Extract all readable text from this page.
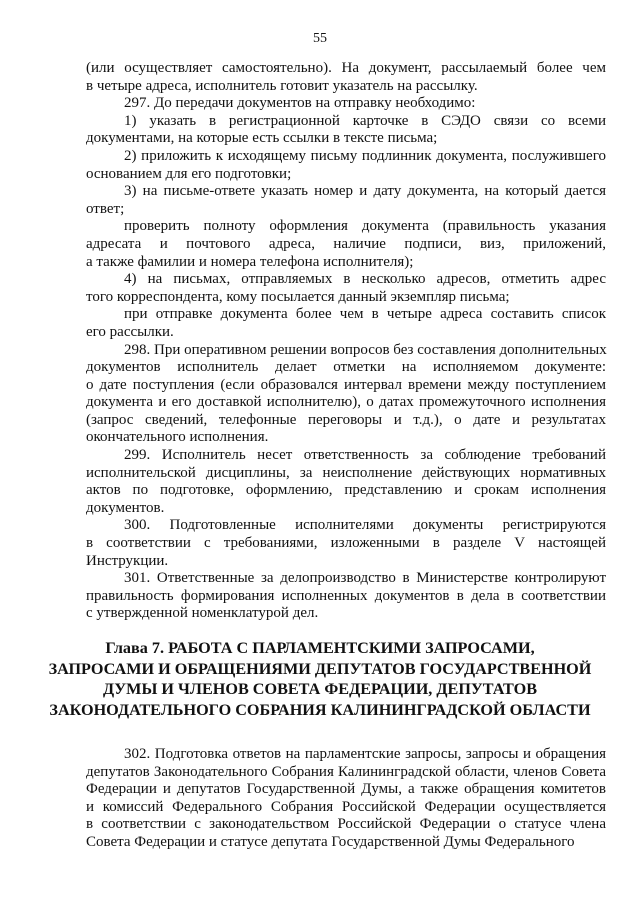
55

(или осуществляет самостоятельно). На документ, рассылаемый более чем
в четыре адреса, исполнитель готовит указатель на рассылку.

297. До передачи документов на отправку необходимо:

1) указать в регистрационной карточке в СЭДО связи со всеми
документами, на которые есть ссылки в тексте письма;

2) приложить к исходящему письму подлинник документа, послужившего
основанием для его подготовки;

3) на письме-ответе указать номер и дату документа, на который дается
ответ;

проверить полноту оформления документа (правильность указания
адресата и почтового адреса, наличие подписи, виз, приложений,
а также фамилии и номера телефона исполнителя);

4) на письмах, отправляемых в несколько адресов, отметить адрес
того корреспондента, кому посылается данный экземпляр письма;

при отправке документа более чем в четыре адреса составить список
его рассылки.

298. При оперативном решении вопросов без составления дополнительных
документов исполнитель делает отметки на исполняемом документе:
о дате поступления (если образовался интервал времени между поступлением
документа и его доставкой исполнителю), о датах промежуточного исполнения
(запрос сведений, телефонные переговоры и т.д.), о дате и результатах
окончательного исполнения.

299. Исполнитель несет ответственность за соблюдение требований
исполнительской дисциплины, за неисполнение действующих нормативных
актов по подготовке, оформлению, представлению и срокам исполнения
документов.

300. Подготовленные исполнителями документы регистрируются
в соответствии с требованиями, изложенными в разделе V настоящей
Инструкции.

301. Ответственные за делопроизводство в Министерстве контролируют
правильность формирования исполненных документов в дела в соответствии
с утвержденной номенклатурой дел.

Глава 7. РАБОТА С ПАРЛАМЕНТСКИМИ ЗАПРОСАМИ,
ЗАПРОСАМИ И ОБРАЩЕНИЯМИ ДЕПУТАТОВ ГОСУДАРСТВЕННОЙ
ДУМЫ И ЧЛЕНОВ СОВЕТА ФЕДЕРАЦИИ, ДЕПУТАТОВ
ЗАКОНОДАТЕЛЬНОГО СОБРАНИЯ КАЛИНИНГРАДСКОЙ ОБЛАСТИ

302. Подготовка ответов на парламентские запросы, запросы и обращения
депутатов Законодательного Собрания Калининградской области, членов Совета
Федерации и депутатов Государственной Думы, а также обращения комитетов
и комиссий Федерального Собрания Российской Федерации осуществляется
в соответствии с законодательством Российской Федерации о статусе члена
Совета Федерации и статусе депутата Государственной Думы Федерального
